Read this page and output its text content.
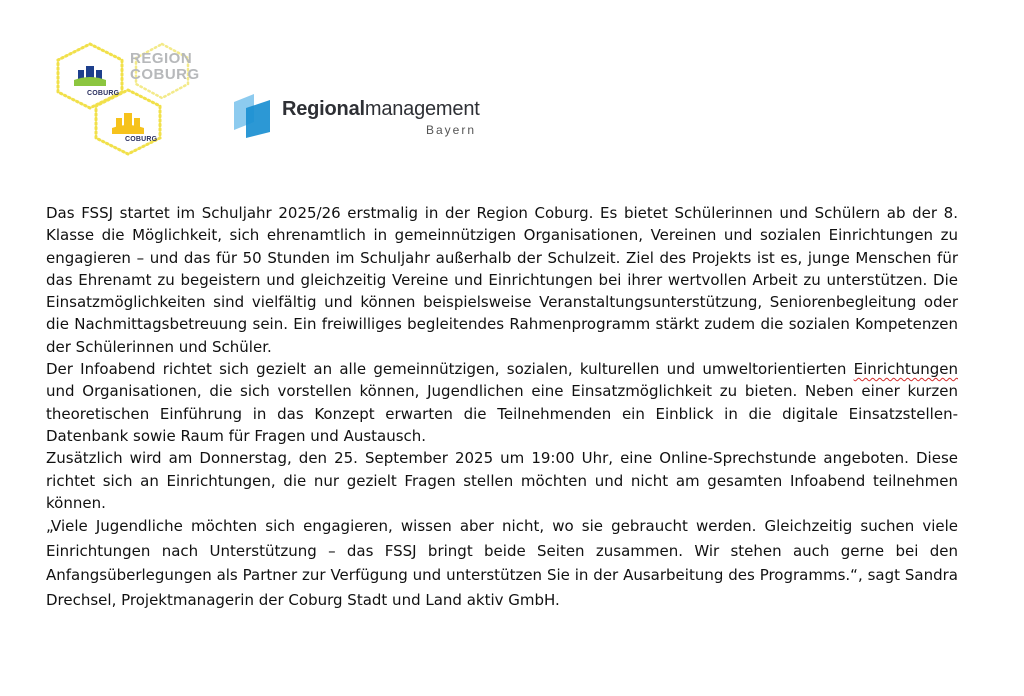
REGION
COBURG
COBURG
COBURG
Regionalmanagement
Bayern

Das FSSJ startet im Schuljahr 2025/26 erstmalig in der Region Coburg. Es bietet Schülerinnen und Schülern ab der 8. Klasse die Möglichkeit, sich ehrenamtlich in gemeinnützigen Organisationen, Vereinen und sozialen Einrichtungen zu engagieren – und das für 50 Stunden im Schuljahr außerhalb der Schulzeit. Ziel des Projekts ist es, junge Menschen für das Ehrenamt zu begeistern und gleichzeitig Vereine und Einrichtungen bei ihrer wertvollen Arbeit zu unterstützen. Die Einsatzmöglichkeiten sind vielfältig und können beispielsweise Veranstaltungsunterstützung, Seniorenbegleitung oder die Nachmittagsbetreuung sein. Ein freiwilliges begleitendes Rahmenprogramm stärkt zudem die sozialen Kompetenzen der Schülerinnen und Schüler.

Der Infoabend richtet sich gezielt an alle gemeinnützigen, sozialen, kulturellen und umweltorientierten Einrichtungen und Organisationen, die sich vorstellen können, Jugendlichen eine Einsatzmöglichkeit zu bieten. Neben einer kurzen theoretischen Einführung in das Konzept erwarten die Teilnehmenden ein Einblick in die digitale Einsatzstellen-Datenbank sowie Raum für Fragen und Austausch.

Zusätzlich wird am Donnerstag, den 25. September 2025 um 19:00 Uhr, eine Online-Sprechstunde angeboten. Diese richtet sich an Einrichtungen, die nur gezielt Fragen stellen möchten und nicht am gesamten Infoabend teilnehmen können.

„Viele Jugendliche möchten sich engagieren, wissen aber nicht, wo sie gebraucht werden. Gleichzeitig suchen viele Einrichtungen nach Unterstützung – das FSSJ bringt beide Seiten zusammen. Wir stehen auch gerne bei den Anfangsüberlegungen als Partner zur Verfügung und unterstützen Sie in der Ausarbeitung des Programms.“, sagt Sandra Drechsel, Projektmanagerin der Coburg Stadt und Land aktiv GmbH.
